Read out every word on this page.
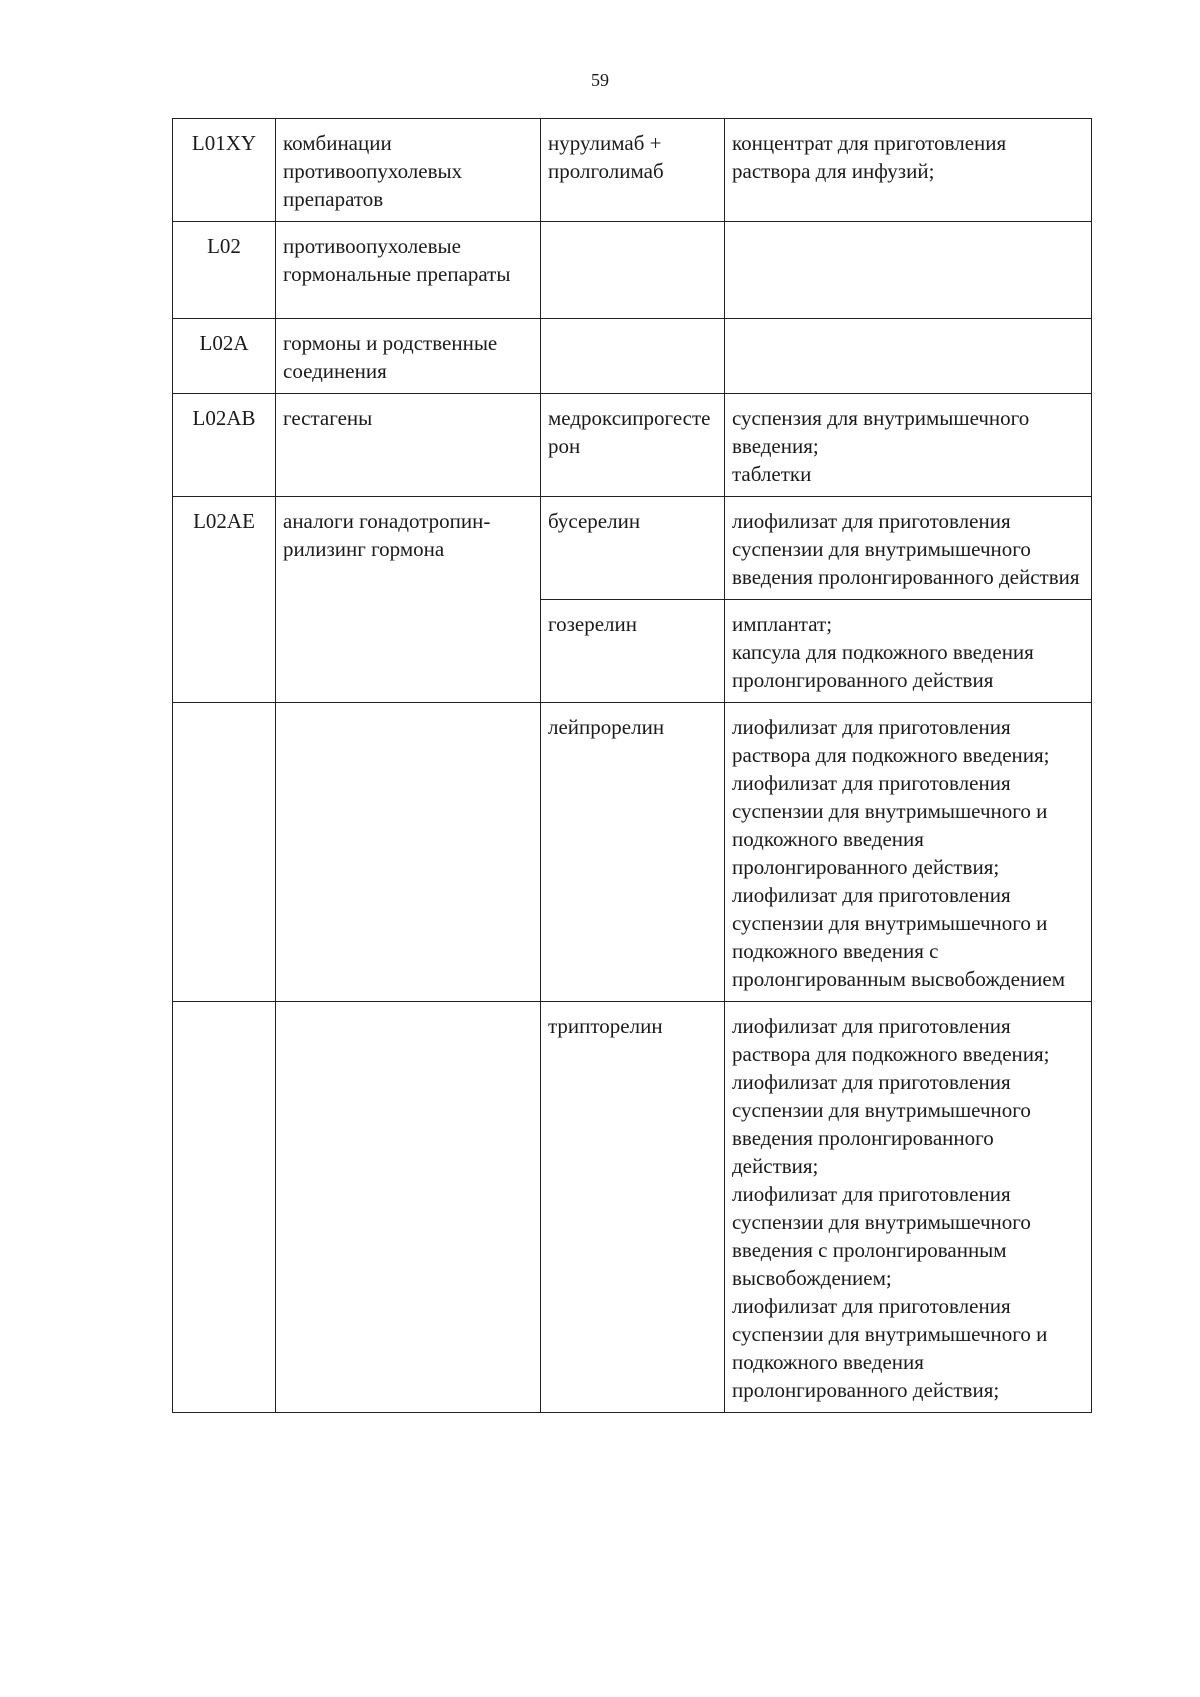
59
L01XY	комбинации противоопухолевых препаратов	нурулимаб + пролголимаб	концентрат для приготовления раствора для инфузий;

L02	противоопухолевые гормональные препараты		
L02A	гормоны и родственные соединения		
L02AB	гестагены	медроксипрогестерон	суспензия для внутримышечного введения;
таблетки

L02AE	аналоги гонадотропин-рилизинг гормона	бусерелин	лиофилизат для приготовления суспензии для внутримышечного введения пролонгированного действия

		гозерелин	имплантат;
капсула для подкожного введения пролонгированного действия

		лейпрорелин	лиофилизат для приготовления раствора для подкожного введения;
лиофилизат для приготовления суспензии для внутримышечного и подкожного введения пролонгированного действия;
лиофилизат для приготовления суспензии для внутримышечного и подкожного введения с пролонгированным высвобождением

		трипторелин	лиофилизат для приготовления раствора для подкожного введения;
лиофилизат для приготовления суспензии для внутримышечного введения пролонгированного действия;
лиофилизат для приготовления суспензии для внутримышечного введения с пролонгированным высвобождением;
лиофилизат для приготовления суспензии для внутримышечного и подкожного введения пролонгированного действия;
